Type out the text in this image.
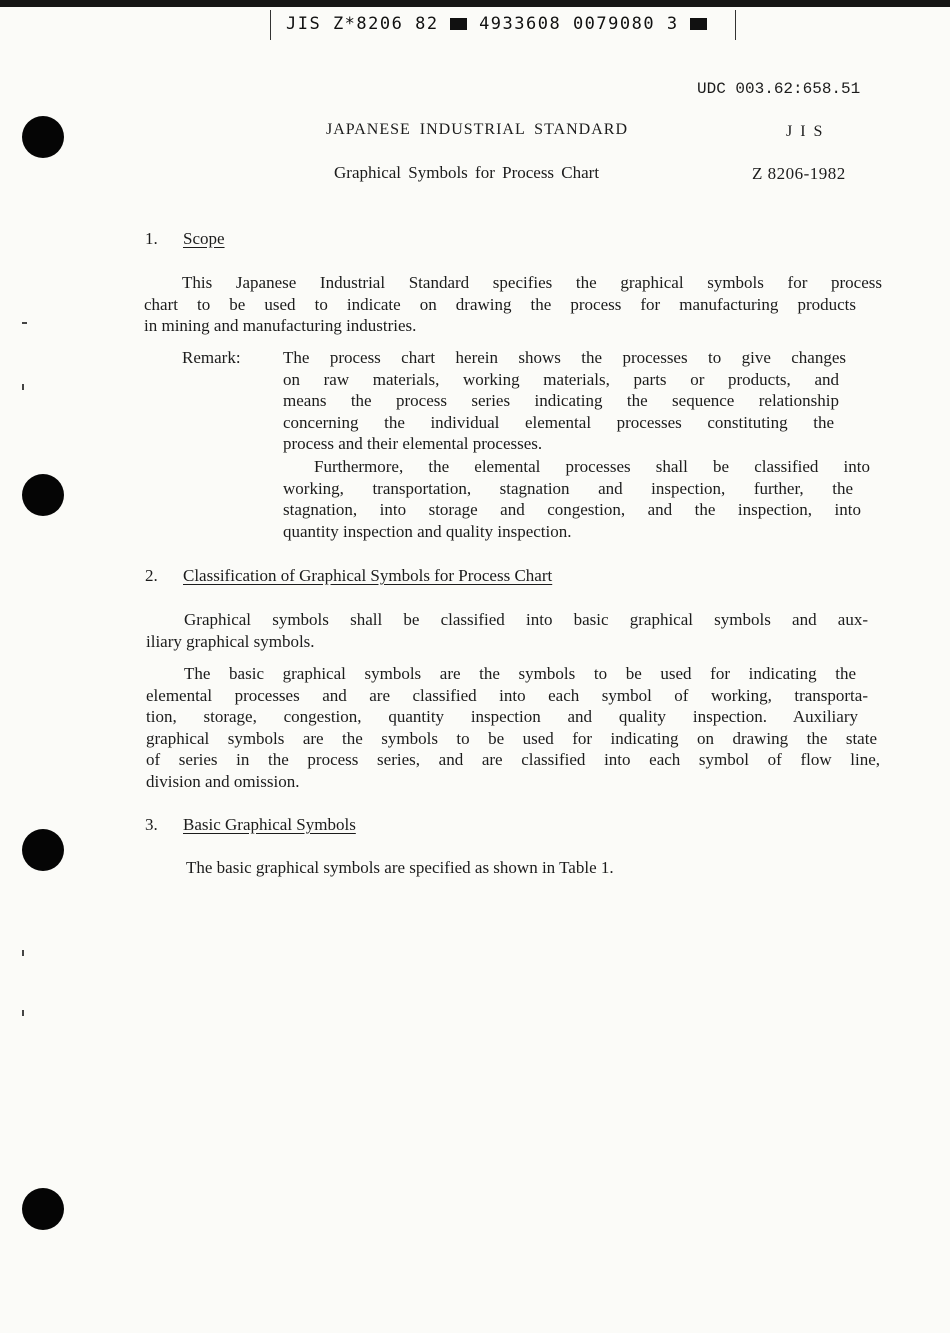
JIS Z*8206 82 4933608 0079080 3
UDC 003.62:658.51
JAPANESE INDUSTRIAL STANDARD	J I S
Graphical Symbols for Process Chart	Z 8206-1982
1. Scope
This Japanese Industrial Standard specifies the graphical symbols for process
chart to be used to indicate on drawing the process for manufacturing products
in mining and manufacturing industries.
Remark: The process chart herein shows the processes to give changes
on raw materials, working materials, parts or products, and
means the process series indicating the sequence relationship
concerning the individual elemental processes constituting the
process and their elemental processes.
Furthermore, the elemental processes shall be classified into
working, transportation, stagnation and inspection, further, the
stagnation, into storage and congestion, and the inspection, into
quantity inspection and quality inspection.
2. Classification of Graphical Symbols for Process Chart
Graphical symbols shall be classified into basic graphical symbols and aux-
iliary graphical symbols.
The basic graphical symbols are the symbols to be used for indicating the
elemental processes and are classified into each symbol of working, transporta-
tion, storage, congestion, quantity inspection and quality inspection. Auxiliary
graphical symbols are the symbols to be used for indicating on drawing the state
of series in the process series, and are classified into each symbol of flow line,
division and omission.
3. Basic Graphical Symbols
The basic graphical symbols are specified as shown in Table 1.
